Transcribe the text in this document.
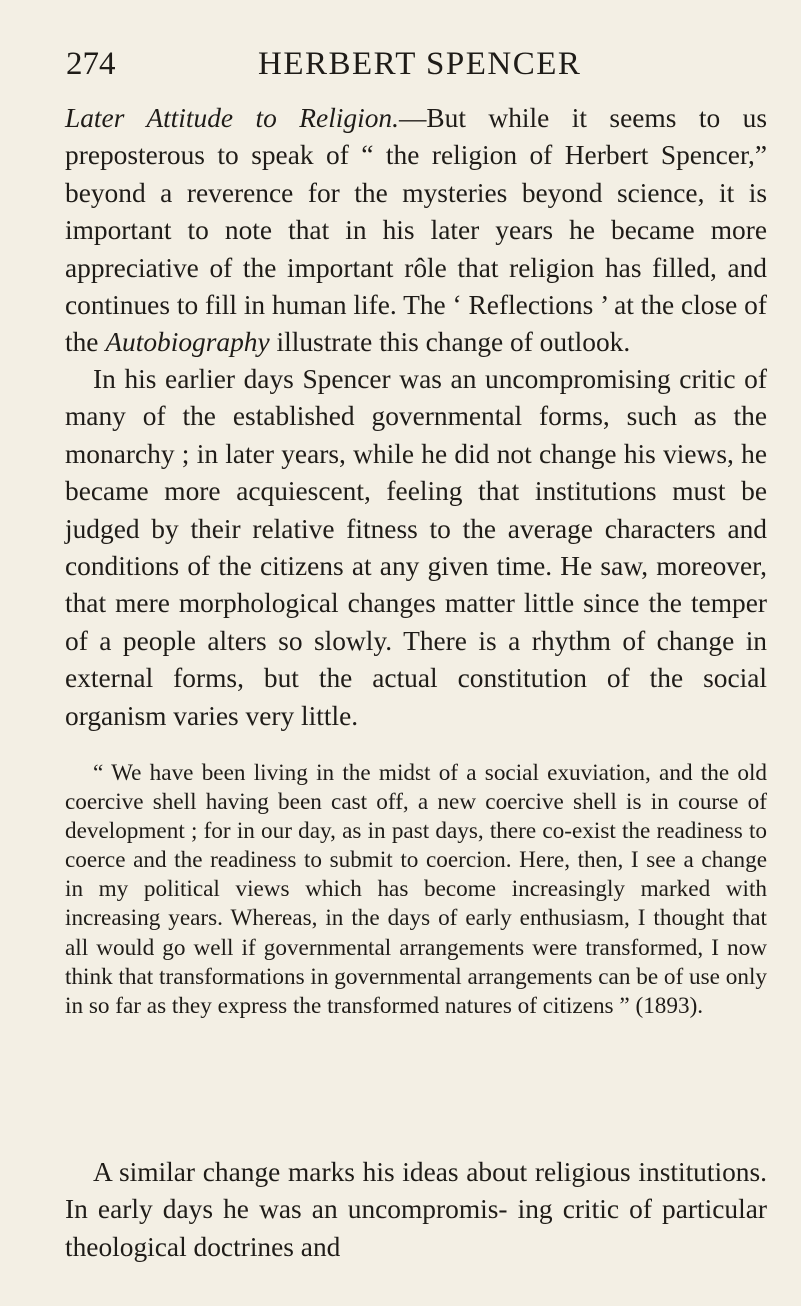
274	HERBERT SPENCER

Later Attitude to Religion.—But while it seems to us preposterous to speak of “ the religion of Herbert Spencer,” beyond a reverence for the mysteries beyond science, it is important to note that in his later years he became more appreciative of the important rôle that religion has filled, and continues to fill in human life. The ‘ Reflections ’ at the close of the Autobiography illustrate this change of outlook.

In his earlier days Spencer was an uncompromising critic of many of the established governmental forms, such as the monarchy ; in later years, while he did not change his views, he became more acquiescent, feeling that institutions must be judged by their relative fitness to the average characters and conditions of the citizens at any given time. He saw, moreover, that mere morphological changes matter little since the temper of a people alters so slowly. There is a rhythm of change in external forms, but the actual constitution of the social organism varies very little.

“ We have been living in the midst of a social exuviation, and the old coercive shell having been cast off, a new coercive shell is in course of development ; for in our day, as in past days, there co-exist the readiness to coerce and the readiness to submit to coercion. Here, then, I see a change in my political views which has become increasingly marked with increasing years. Whereas, in the days of early enthusiasm, I thought that all would go well if governmental arrangements were transformed, I now think that transformations in governmental arrangements can be of use only in so far as they express the transformed natures of citizens ” (1893).

A similar change marks his ideas about religious institutions. In early days he was an uncompromis- ing critic of particular theological doctrines and
